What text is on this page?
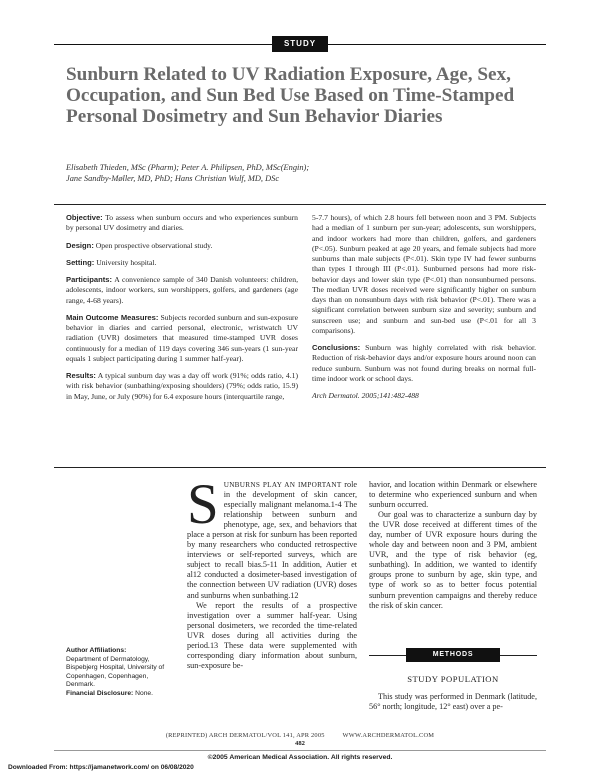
STUDY
Sunburn Related to UV Radiation Exposure, Age, Sex, Occupation, and Sun Bed Use Based on Time-Stamped Personal Dosimetry and Sun Behavior Diaries
Elisabeth Thieden, MSc (Pharm); Peter A. Philipsen, PhD, MSc(Engin);
Jane Sandby-Møller, MD, PhD; Hans Christian Wulf, MD, DSc

Objective: To assess when sunburn occurs and who experiences sunburn by personal UV dosimetry and diaries.

Design: Open prospective observational study.

Setting: University hospital.

Participants: A convenience sample of 340 Danish volunteers: children, adolescents, indoor workers, sun worshippers, golfers, and gardeners (age range, 4-68 years).

Main Outcome Measures: Subjects recorded sunburn and sun-exposure behavior in diaries and carried personal, electronic, wristwatch UV radiation (UVR) dosimeters that measured time-stamped UVR doses continuously for a median of 119 days covering 346 sun-years (1 sun-year equals 1 subject participating during 1 summer half-year).

Results: A typical sunburn day was a day off work (91%; odds ratio, 4.1) with risk behavior (sunbathing/exposing shoulders) (79%; odds ratio, 15.9) in May, June, or July (90%) for 6.4 exposure hours (interquartile range,

5-7.7 hours), of which 2.8 hours fell between noon and 3 PM. Subjects had a median of 1 sunburn per sun-year; adolescents, sun worshippers, and indoor workers had more than children, golfers, and gardeners (P<.05). Sunburn peaked at age 20 years, and female subjects had more sunburns than male subjects (P<.01). Skin type IV had fewer sunburns than types I through III (P<.01). Sunburned persons had more risk-behavior days and lower skin type (P<.01) than nonsunburned persons. The median UVR doses received were significantly higher on sunburn days than on nonsunburn days with risk behavior (P<.01). There was a significant correlation between sunburn size and severity; sunburn and sunscreen use; and sunburn and sun-bed use (P<.01 for all 3 comparisons).

Conclusions: Sunburn was highly correlated with risk behavior. Reduction of risk-behavior days and/or exposure hours around noon can reduce sunburn. Sunburn was not found during breaks on normal full-time indoor work or school days.

Arch Dermatol. 2005;141:482-488

Author Affiliations:

Department of Dermatology, Bispebjerg Hospital, University of Copenhagen, Copenhagen, Denmark.

Financial Disclosure: None.

S UNBURNS PLAY AN IMPORTANT role in the development of skin cancer, especially malignant melanoma.1-4 The relationship between sunburn and phenotype, age, sex, and behaviors that place a person at risk for sunburn has been reported by many researchers who conducted retrospective interviews or self-reported surveys, which are subject to recall bias.5-11 In addition, Autier et al12 conducted a dosimeter-based investigation of the connection between UV radiation (UVR) doses and sunburns when sunbathing.12

We report the results of a prospective investigation over a summer half-year. Using personal dosimeters, we recorded the time-related UVR doses during all activities during the period.13 These data were supplemented with corresponding diary information about sunburn, sun-exposure be-

havior, and location within Denmark or elsewhere to determine who experienced sunburn and when sunburn occurred.

Our goal was to characterize a sunburn day by the UVR dose received at different times of the day, number of UVR exposure hours during the whole day and between noon and 3 PM, ambient UVR, and the type of risk behavior (eg, sunbathing). In addition, we wanted to identify groups prone to sunburn by age, skin type, and type of work so as to better focus potential sunburn prevention campaigns and thereby reduce the risk of skin cancer.

METHODS
STUDY POPULATION

This study was performed in Denmark (latitude, 56° north; longitude, 12° east) over a pe-

(REPRINTED) ARCH DERMATOL/VOL 141, APR 2005          WWW.ARCHDERMATOL.COM
482
©2005 American Medical Association. All rights reserved.
Downloaded From: https://jamanetwork.com/ on 06/08/2020
